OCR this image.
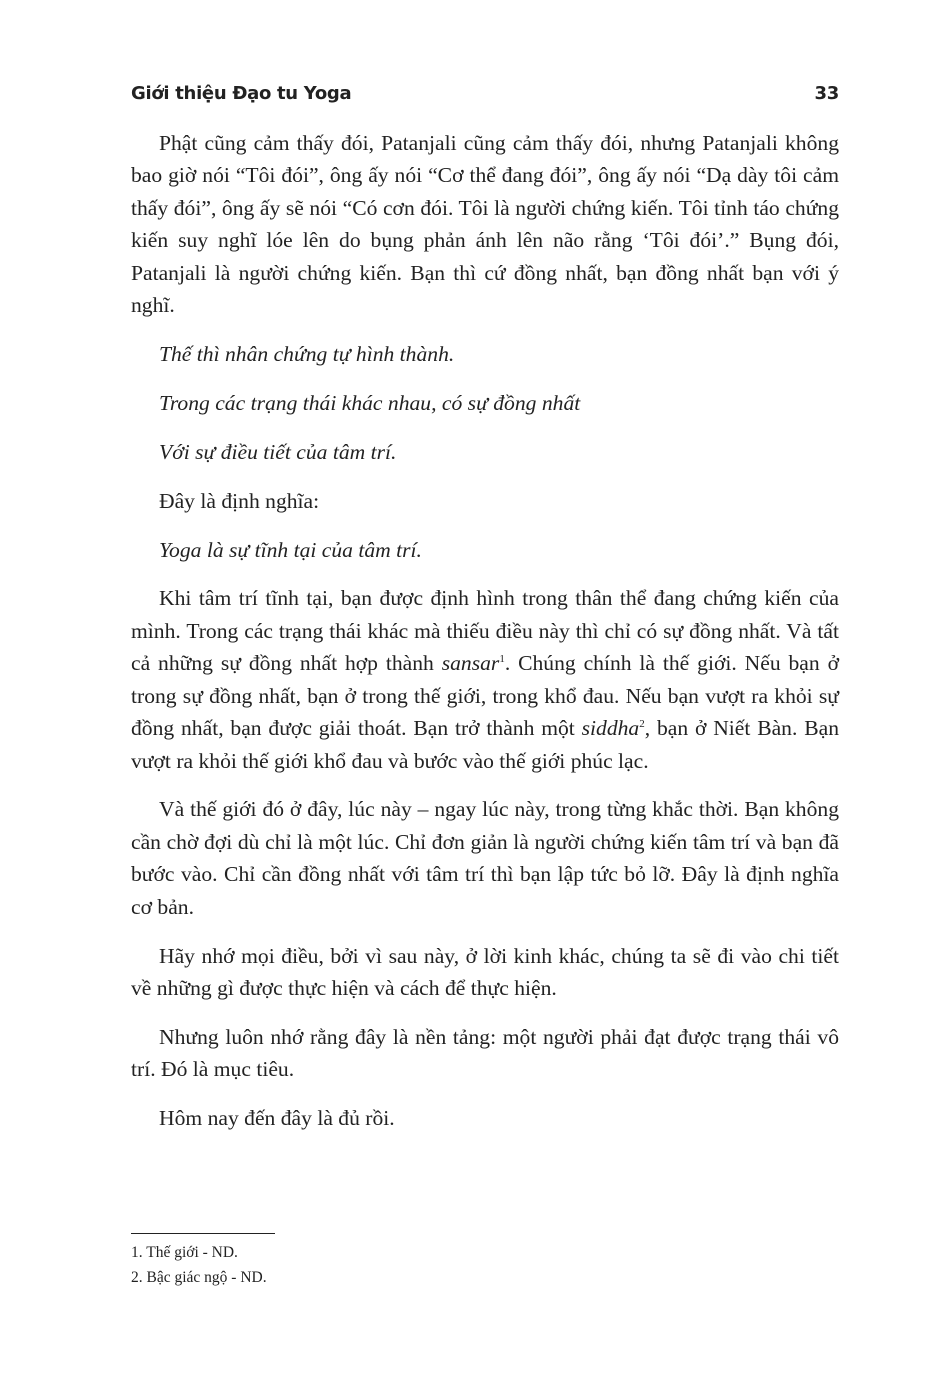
Giới thiệu Đạo tu Yoga	33

Phật cũng cảm thấy đói, Patanjali cũng cảm thấy đói, nhưng Patanjali không bao giờ nói “Tôi đói”, ông ấy nói “Cơ thể đang đói”, ông ấy nói “Dạ dày tôi cảm thấy đói”, ông ấy sẽ nói “Có cơn đói. Tôi là người chứng kiến. Tôi tỉnh táo chứng kiến suy nghĩ lóe lên do bụng phản ánh lên não rằng ‘Tôi đói’.” Bụng đói, Patanjali là người chứng kiến. Bạn thì cứ đồng nhất, bạn đồng nhất bạn với ý nghĩ.

Thế thì nhân chứng tự hình thành.

Trong các trạng thái khác nhau, có sự đồng nhất

Với sự điều tiết của tâm trí.

Đây là định nghĩa:

Yoga là sự tĩnh tại của tâm trí.

Khi tâm trí tĩnh tại, bạn được định hình trong thân thể đang chứng kiến của mình. Trong các trạng thái khác mà thiếu điều này thì chỉ có sự đồng nhất. Và tất cả những sự đồng nhất hợp thành sansar$^1$. Chúng chính là thế giới. Nếu bạn ở trong sự đồng nhất, bạn ở trong thế giới, trong khổ đau. Nếu bạn vượt ra khỏi sự đồng nhất, bạn được giải thoát. Bạn trở thành một siddha$^2$, bạn ở Niết Bàn. Bạn vượt ra khỏi thế giới khổ đau và bước vào thế giới phúc lạc.

Và thế giới đó ở đây, lúc này – ngay lúc này, trong từng khắc thời. Bạn không cần chờ đợi dù chỉ là một lúc. Chỉ đơn giản là người chứng kiến tâm trí và bạn đã bước vào. Chỉ cần đồng nhất với tâm trí thì bạn lập tức bỏ lỡ. Đây là định nghĩa cơ bản.

Hãy nhớ mọi điều, bởi vì sau này, ở lời kinh khác, chúng ta sẽ đi vào chi tiết về những gì được thực hiện và cách để thực hiện.

Nhưng luôn nhớ rằng đây là nền tảng: một người phải đạt được trạng thái vô trí. Đó là mục tiêu.

Hôm nay đến đây là đủ rồi.

1. Thế giới - ND.

2. Bậc giác ngộ - ND.
